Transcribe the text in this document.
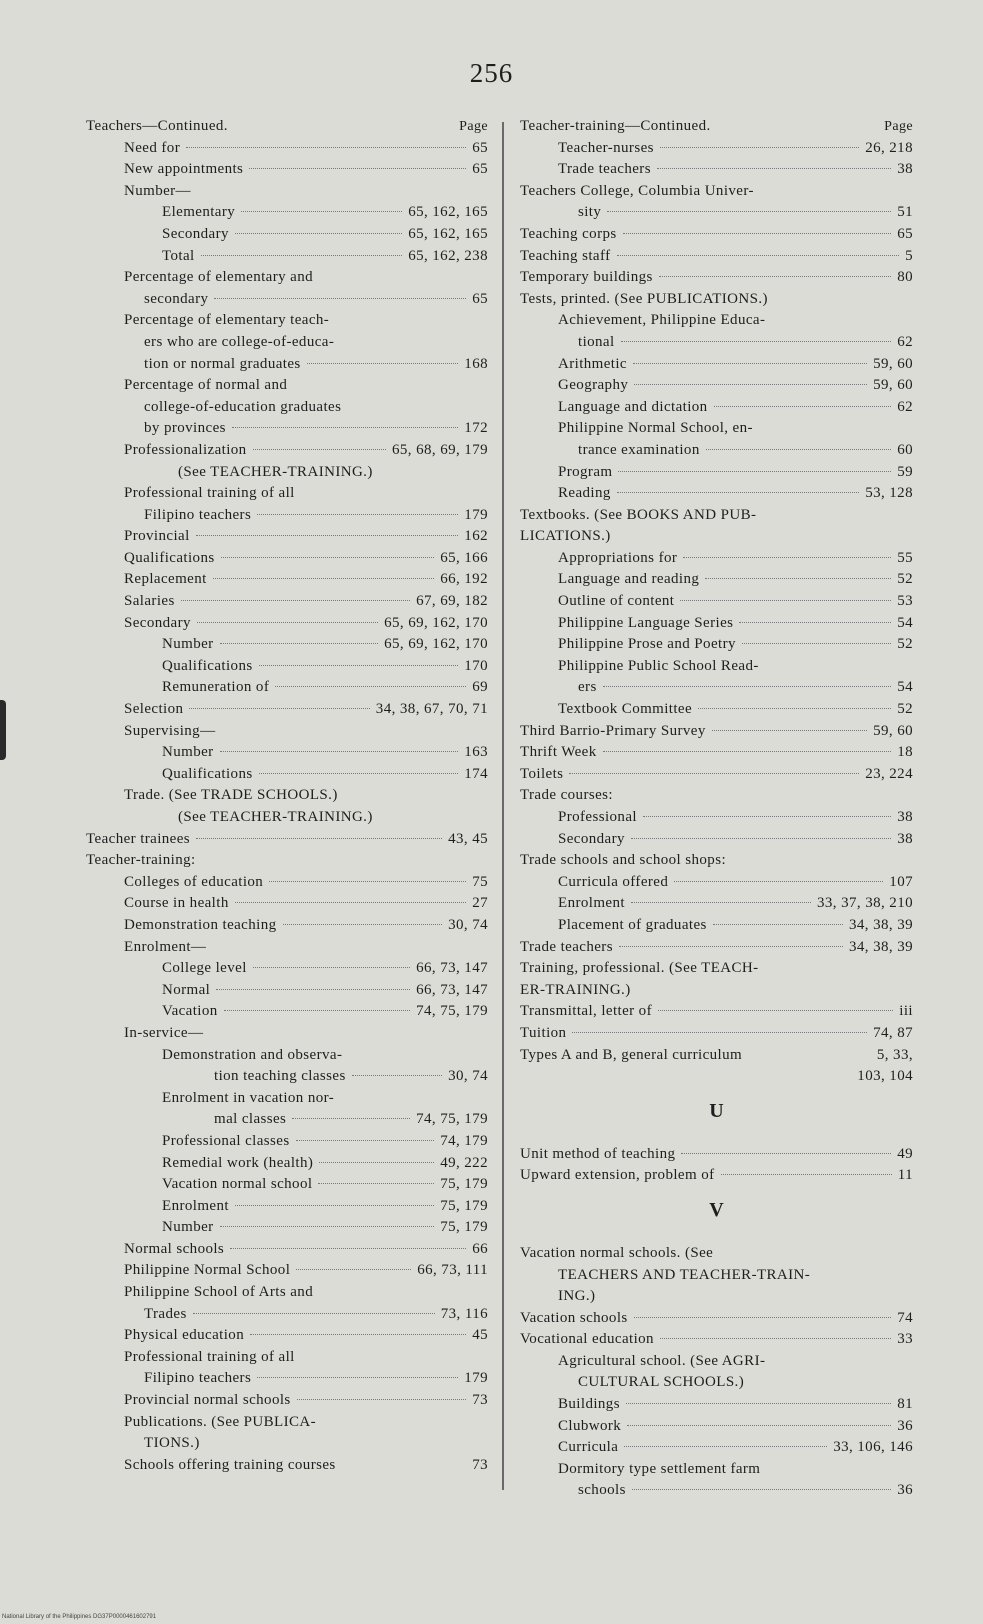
256
Teachers—Continued.	Page
Need for	65
New appointments	65
Number—
Elementary	65, 162, 165
Secondary	65, 162, 165
Total	65, 162, 238
Percentage of elementary and
secondary	65
Percentage of elementary teach-
ers who are college-of-educa-
tion or normal graduates	168
Percentage of normal and
college-of-education graduates
by provinces	172
Professionalization	65, 68, 69, 179
(See TEACHER-TRAINING.)
Professional training of all
Filipino teachers	179
Provincial	162
Qualifications	65, 166
Replacement	66, 192
Salaries	67, 69, 182
Secondary	65, 69, 162, 170
Number	65, 69, 162, 170
Qualifications	170
Remuneration of	69
Selection	34, 38, 67, 70, 71
Supervising—
Number	163
Qualifications	174
Trade. (See TRADE SCHOOLS.)
(See TEACHER-TRAINING.)
Teacher trainees	43, 45
Teacher-training:
Colleges of education	75
Course in health	27
Demonstration teaching	30, 74
Enrolment—
College level	66, 73, 147
Normal	66, 73, 147
Vacation	74, 75, 179
In-service—
Demonstration and observa-
tion teaching classes	30, 74
Enrolment in vacation nor-
mal classes	74, 75, 179
Professional classes	74, 179
Remedial work (health)	49, 222
Vacation normal school	75, 179
Enrolment	75, 179
Number	75, 179
Normal schools	66
Philippine Normal School	66, 73, 111
Philippine School of Arts and
Trades	73, 116
Physical education	45
Professional training of all
Filipino teachers	179
Provincial normal schools	73
Publications. (See PUBLICA-
TIONS.)
Schools offering training courses	73
Teacher-training—Continued.	Page
Teacher-nurses	26, 218
Trade teachers	38
Teachers College, Columbia Univer-
sity	51
Teaching corps	65
Teaching staff	5
Temporary buildings	80
Tests, printed. (See PUBLICATIONS.)
Achievement, Philippine Educa-
tional	62
Arithmetic	59, 60
Geography	59, 60
Language and dictation	62
Philippine Normal School, en-
trance examination	60
Program	59
Reading	53, 128
Textbooks. (See BOOKS AND PUB-
LICATIONS.)
Appropriations for	55
Language and reading	52
Outline of content	53
Philippine Language Series	54
Philippine Prose and Poetry	52
Philippine Public School Read-
ers	54
Textbook Committee	52
Third Barrio-Primary Survey	59, 60
Thrift Week	18
Toilets	23, 224
Trade courses:
Professional	38
Secondary	38
Trade schools and school shops:
Curricula offered	107
Enrolment	33, 37, 38, 210
Placement of graduates	34, 38, 39
Trade teachers	34, 38, 39
Training, professional. (See TEACH-
ER-TRAINING.)
Transmittal, letter of	iii
Tuition	74, 87
Types A and B, general curriculum	5, 33,
103, 104
U
Unit method of teaching	49
Upward extension, problem of	11
V
Vacation normal schools. (See
TEACHERS AND TEACHER-TRAIN-
ING.)
Vacation schools	74
Vocational education	33
Agricultural school. (See AGRI-
CULTURAL SCHOOLS.)
Buildings	81
Clubwork	36
Curricula	33, 106, 146
Dormitory type settlement farm
schools	36
National Library of the Philippines DG37P0000461602791
